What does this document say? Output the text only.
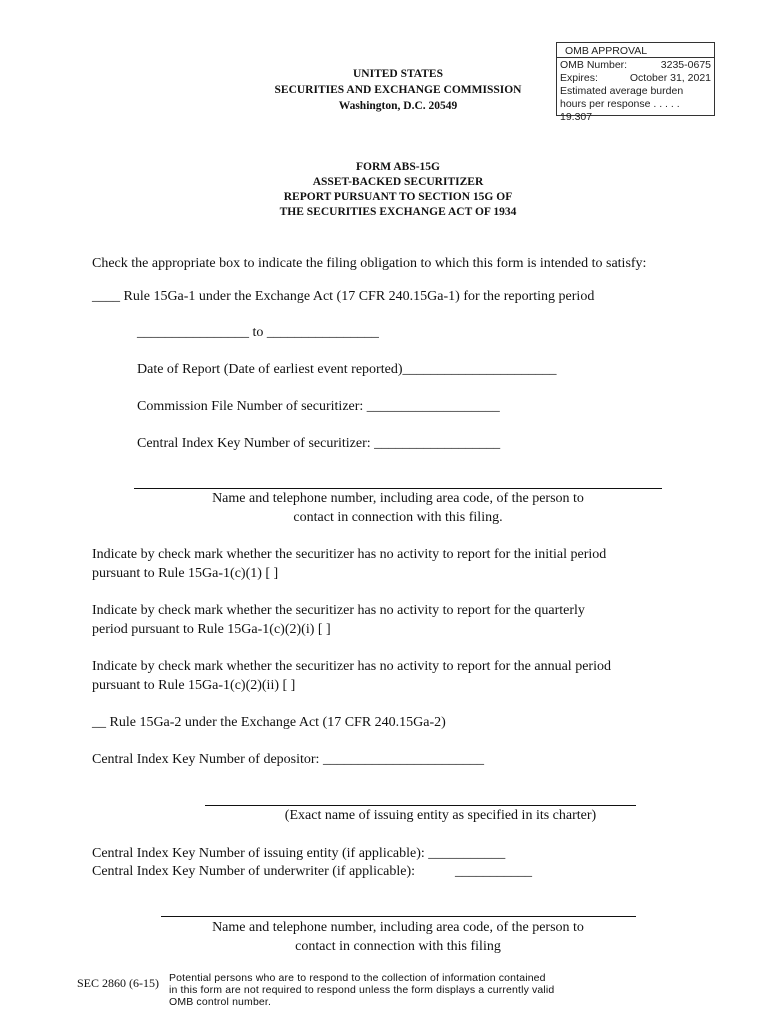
OMB APPROVAL
OMB Number:	3235-0675
Expires:	October 31, 2021
Estimated average burden
hours per response . . . . . 19.307
UNITED STATES
SECURITIES AND EXCHANGE COMMISSION
Washington, D.C. 20549
FORM ABS-15G
ASSET-BACKED SECURITIZER
REPORT PURSUANT TO SECTION 15G OF
THE SECURITIES EXCHANGE ACT OF 1934
Check the appropriate box to indicate the filing obligation to which this form is intended to satisfy:
____ Rule 15Ga-1 under the Exchange Act (17 CFR 240.15Ga-1) for the reporting period
________________ to ________________
Date of Report (Date of earliest event reported)______________________
Commission File Number of securitizer: ___________________
Central Index Key Number of securitizer: __________________
Name and telephone number, including area code, of the person to
contact in connection with this filing.
Indicate by check mark whether the securitizer has no activity to report for the initial period
pursuant to Rule 15Ga-1(c)(1) [ ]
Indicate by check mark whether the securitizer has no activity to report for the quarterly
period pursuant to Rule 15Ga-1(c)(2)(i) [ ]
Indicate by check mark whether the securitizer has no activity to report for the annual period
pursuant to Rule 15Ga-1(c)(2)(ii) [ ]
__ Rule 15Ga-2 under the Exchange Act (17 CFR 240.15Ga-2)
Central Index Key Number of depositor: _______________________
(Exact name of issuing entity as specified in its charter)
Central Index Key Number of issuing entity (if applicable): ___________
Central Index Key Number of underwriter (if applicable):	___________
Name and telephone number, including area code, of the person to
contact in connection with this filing
SEC 2860 (6-15) Potential persons who are to respond to the collection of information contained
in this form are not required to respond unless the form displays a currently valid
OMB control number.
